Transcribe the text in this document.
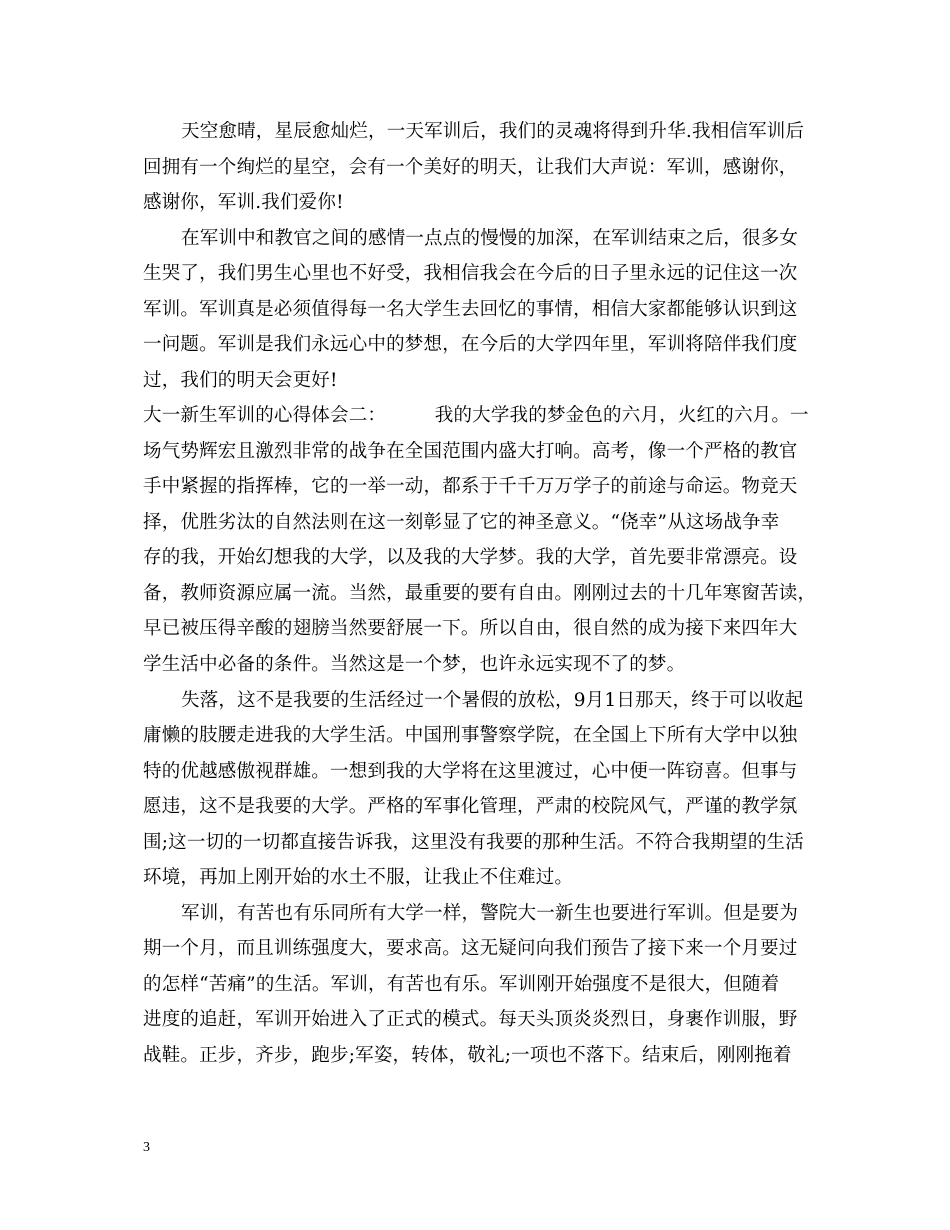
天空愈晴，星辰愈灿烂，一天军训后，我们的灵魂将得到升华.我相信军训后
回拥有一个绚烂的星空，会有一个美好的明天，让我们大声说：军训，感谢你，
感谢你，军训.我们爱你!
在军训中和教官之间的感情一点点的慢慢的加深，在军训结束之后，很多女
生哭了，我们男生心里也不好受，我相信我会在今后的日子里永远的记住这一次
军训。军训真是必须值得每一名大学生去回忆的事情，相信大家都能够认识到这
一问题。军训是我们永远心中的梦想，在今后的大学四年里，军训将陪伴我们度
过，我们的明天会更好!
大一新生军训的心得体会二：        我的大学我的梦金色的六月，火红的六月。一
场气势辉宏且激烈非常的战争在全国范围内盛大打响。高考，像一个严格的教官
手中紧握的指挥棒，它的一举一动，都系于千千万万学子的前途与命运。物竞天
择，优胜劣汰的自然法则在这一刻彰显了它的神圣意义。“侥幸”从这场战争幸
存的我，开始幻想我的大学，以及我的大学梦。我的大学，首先要非常漂亮。设
备，教师资源应属一流。当然，最重要的要有自由。刚刚过去的十几年寒窗苦读，
早已被压得辛酸的翅膀当然要舒展一下。所以自由，很自然的成为接下来四年大
学生活中必备的条件。当然这是一个梦，也许永远实现不了的梦。
失落，这不是我要的生活经过一个暑假的放松，9月1日那天，终于可以收起
庸懒的肢腰走进我的大学生活。中国刑事警察学院，在全国上下所有大学中以独
特的优越感傲视群雄。一想到我的大学将在这里渡过，心中便一阵窃喜。但事与
愿违，这不是我要的大学。严格的军事化管理，严肃的校院风气，严谨的教学氛
围;这一切的一切都直接告诉我，这里没有我要的那种生活。不符合我期望的生活
环境，再加上刚开始的水土不服，让我止不住难过。
军训，有苦也有乐同所有大学一样，警院大一新生也要进行军训。但是要为
期一个月，而且训练强度大，要求高。这无疑问向我们预告了接下来一个月要过
的怎样“苦痛”的生活。军训，有苦也有乐。军训刚开始强度不是很大，但随着
进度的追赶，军训开始进入了正式的模式。每天头顶炎炎烈日，身裹作训服，野
战鞋。正步，齐步，跑步;军姿，转体，敬礼;一项也不落下。结束后，刚刚拖着
3
